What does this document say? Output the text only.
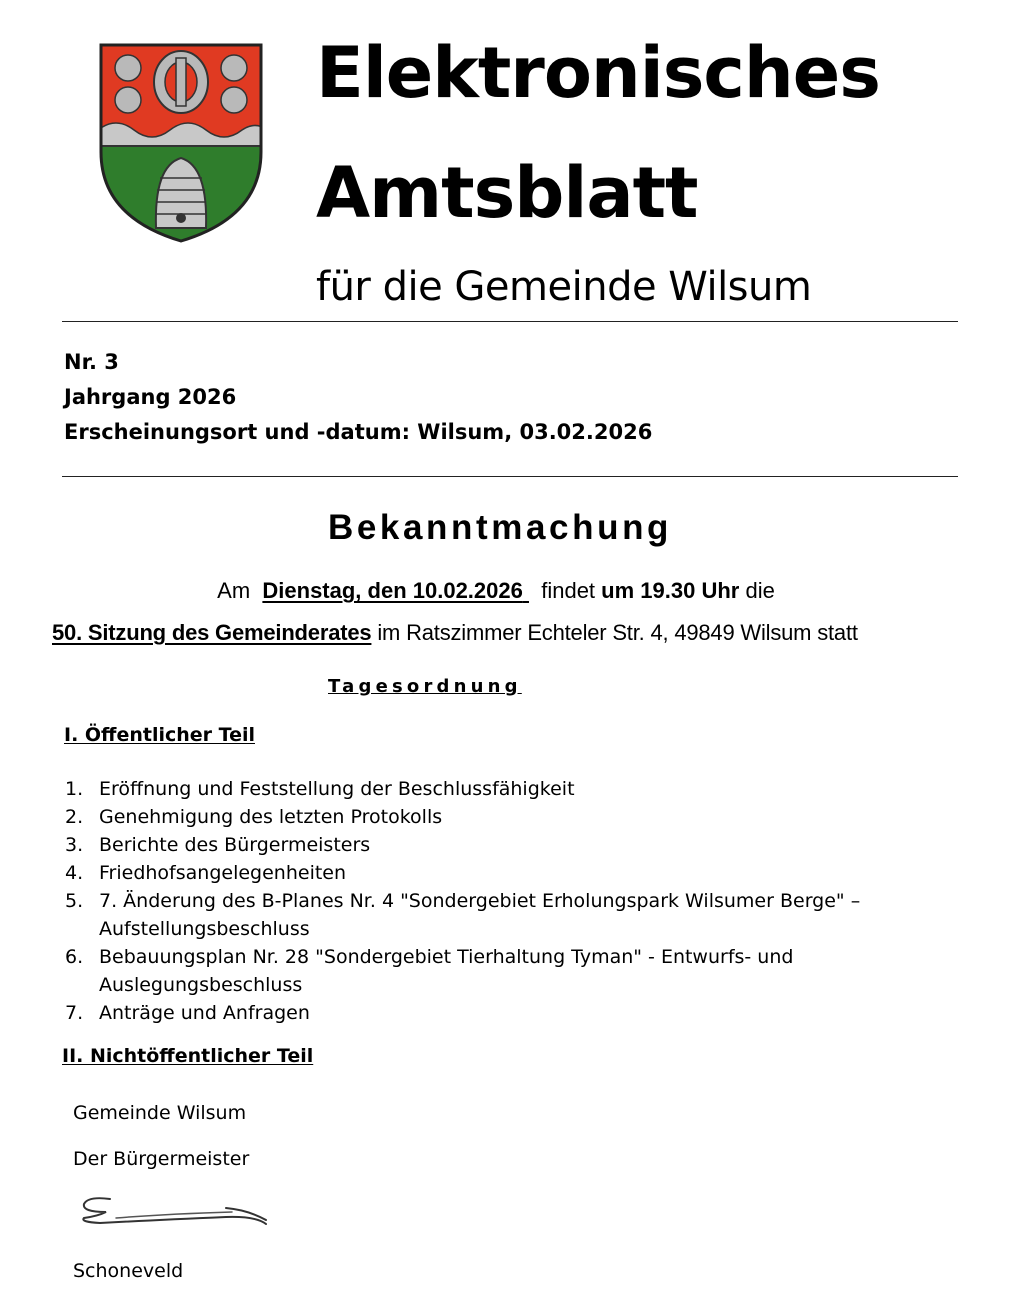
Elektronisches
Amtsblatt
für die Gemeinde Wilsum
Nr. 3
Jahrgang 2026
Erscheinungsort und -datum: Wilsum, 03.02.2026
Bekanntmachung
Am Dienstag, den 10.02.2026 findet um 19.30 Uhr die
50. Sitzung des Gemeinderates im Ratszimmer Echteler Str. 4, 49849 Wilsum statt
Tagesordnung
I. Öffentlicher Teil
1. Eröffnung und Feststellung der Beschlussfähigkeit
2. Genehmigung des letzten Protokolls
3. Berichte des Bürgermeisters
4. Friedhofsangelegenheiten
5. 7. Änderung des B-Planes Nr. 4 "Sondergebiet Erholungspark Wilsumer Berge" –
Aufstellungsbeschluss
6. Bebauungsplan Nr. 28 "Sondergebiet Tierhaltung Tyman" - Entwurfs- und
Auslegungsbeschluss
7. Anträge und Anfragen
II. Nichtöffentlicher Teil
Gemeinde Wilsum
Der Bürgermeister
Schoneveld
